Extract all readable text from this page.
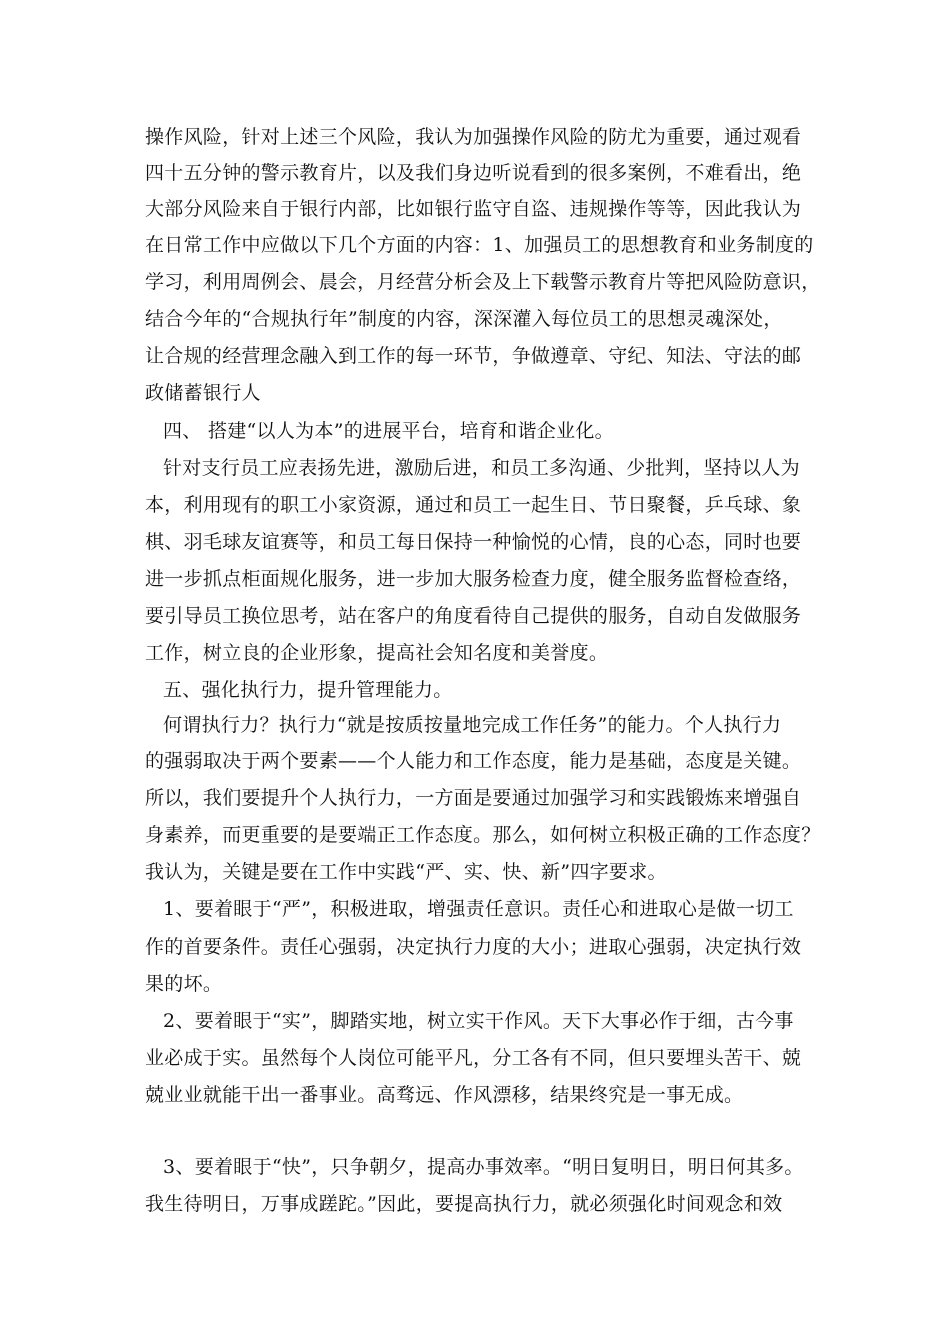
操作风险，针对上述三个风险，我认为加强操作风险的防尤为重要，通过观看
四十五分钟的警示教育片，以及我们身边听说看到的很多案例，不难看出，绝
大部分风险来自于银行内部，比如银行监守自盗、违规操作等等，因此我认为
在日常工作中应做以下几个方面的内容：1、加强员工的思想教育和业务制度的
学习，利用周例会、晨会，月经营分析会及上下载警示教育片等把风险防意识，
结合今年的“合规执行年”制度的内容，深深灌入每位员工的思想灵魂深处，
让合规的经营理念融入到工作的每一环节，争做遵章、守纪、知法、守法的邮
政储蓄银行人
四、 搭建“以人为本”的进展平台，培育和谐企业化。
针对支行员工应表扬先进，激励后进，和员工多沟通、少批判，坚持以人为
本，利用现有的职工小家资源，通过和员工一起生日、节日聚餐，乒乓球、象
棋、羽毛球友谊赛等，和员工每日保持一种愉悦的心情，良的心态，同时也要
进一步抓点柜面规化服务，进一步加大服务检查力度，健全服务监督检查络，
要引导员工换位思考，站在客户的角度看待自己提供的服务，自动自发做服务
工作，树立良的企业形象，提高社会知名度和美誉度。
五、强化执行力，提升管理能力。
何谓执行力？执行力“就是按质按量地完成工作任务”的能力。个人执行力
的强弱取决于两个要素——个人能力和工作态度，能力是基础，态度是关键。
所以，我们要提升个人执行力，一方面是要通过加强学习和实践锻炼来增强自
身素养，而更重要的是要端正工作态度。那么，如何树立积极正确的工作态度？
我认为，关键是要在工作中实践“严、实、快、新”四字要求。
1、要着眼于“严”，积极进取，增强责任意识。责任心和进取心是做一切工
作的首要条件。责任心强弱，决定执行力度的大小；进取心强弱，决定执行效
果的坏。
2、要着眼于“实”，脚踏实地，树立实干作风。天下大事必作于细，古今事
业必成于实。虽然每个人岗位可能平凡，分工各有不同，但只要埋头苦干、兢
兢业业就能干出一番事业。高骛远、作风漂移，结果终究是一事无成。
3、要着眼于“快”，只争朝夕，提高办事效率。“明日复明日，明日何其多。
我生待明日，万事成蹉跎。”因此，要提高执行力，就必须强化时间观念和效
